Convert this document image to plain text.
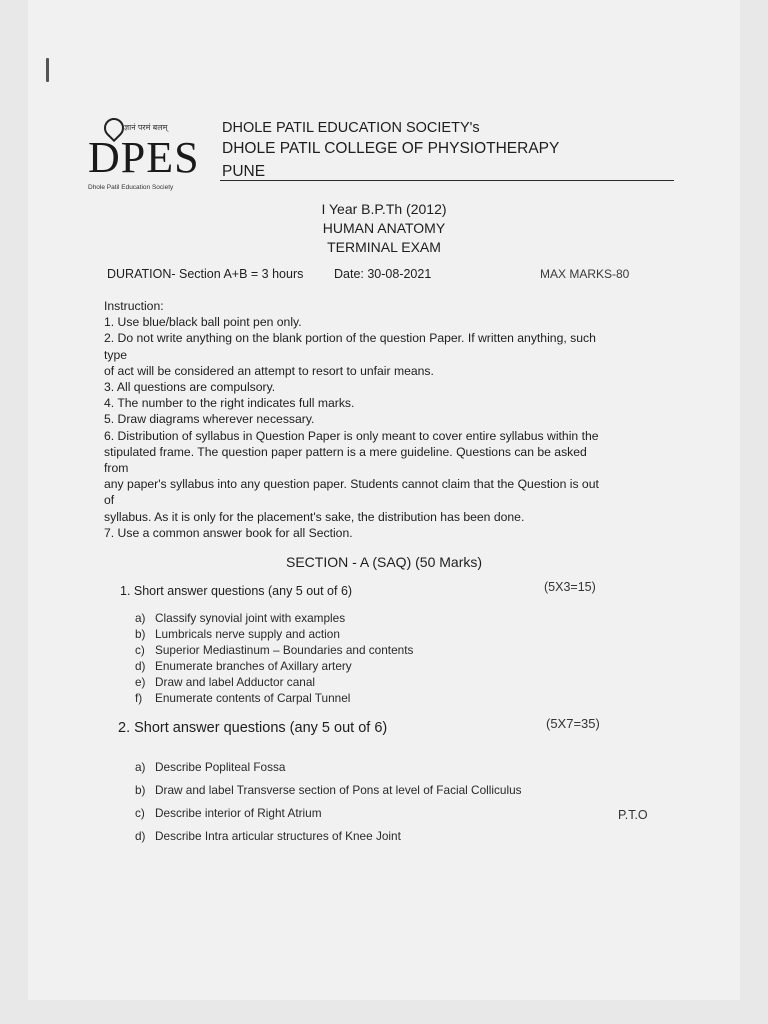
ज्ञानं परमं बलम्
DPES
Dhole Patil Education Society
DHOLE PATIL EDUCATION SOCIETY's
DHOLE PATIL COLLEGE OF PHYSIOTHERAPY
PUNE
I Year B.P.Th (2012)
HUMAN ANATOMY
TERMINAL EXAM
DURATION- Section A+B = 3 hours Date: 30-08-2021	MAX MARKS-80
Instruction:
1. Use blue/black ball point pen only.
2. Do not write anything on the blank portion of the question Paper. If written anything, such
type
of act will be considered an attempt to resort to unfair means.
3. All questions are compulsory.
4. The number to the right indicates full marks.
5. Draw diagrams wherever necessary.
6. Distribution of syllabus in Question Paper is only meant to cover entire syllabus within the
stipulated frame. The question paper pattern is a mere guideline. Questions can be asked
from
any paper's syllabus into any question paper. Students cannot claim that the Question is out
of
syllabus. As it is only for the placement's sake, the distribution has been done.
7. Use a common answer book for all Section.
SECTION - A (SAQ) (50 Marks)
1. Short answer questions (any 5 out of 6)	(5X3=15)
a) Classify synovial joint with examples
b) Lumbricals nerve supply and action
c) Superior Mediastinum – Boundaries and contents
d) Enumerate branches of Axillary artery
e) Draw and label Adductor canal
f) Enumerate contents of Carpal Tunnel
2. Short answer questions (any 5 out of 6)	(5X7=35)
a) Describe Popliteal Fossa
b) Draw and label Transverse section of Pons at level of Facial Colliculus
c) Describe interior of Right Atrium
d) Describe Intra articular structures of Knee Joint
P.T.O
